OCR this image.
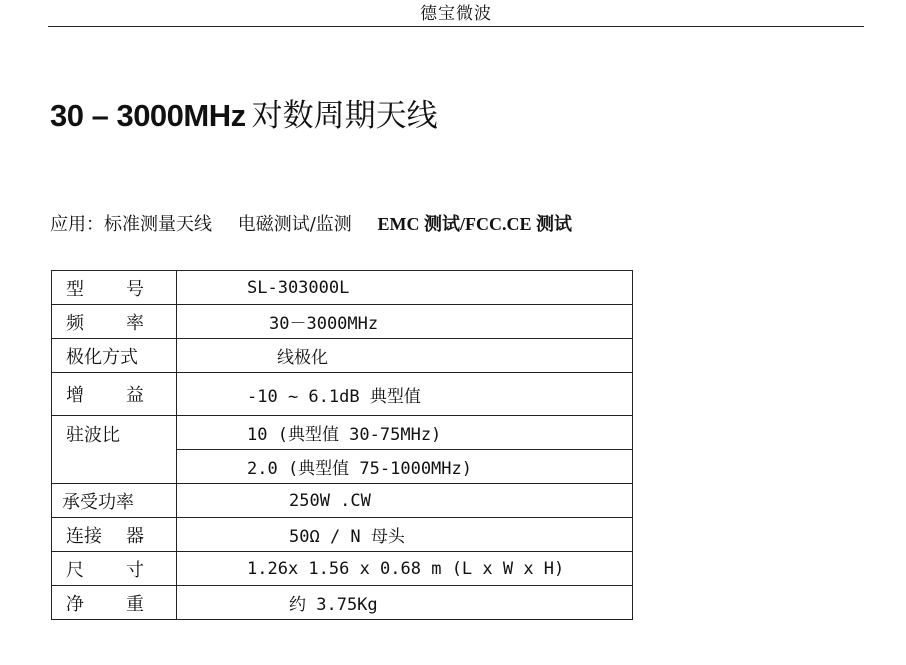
德宝微波
30 – 3000MHz 对数周期天线
应用：标准测量天线 电磁测试/监测 EMC 测试/FCC.CE 测试
型 号	SL-303000L

频 率	30－3000MHz
极化方式	线极化

增 益	-10 ~ 6.1dB 典型值
驻波比	10 (典型值 30-75MHz)
	2.0 (典型值 75-1000MHz)
承受功率	250W .CW

连接 器	50Ω / N 母头

尺 寸	1.26x 1.56 x 0.68 m (L x W x H)

净 重	约 3.75Kg
